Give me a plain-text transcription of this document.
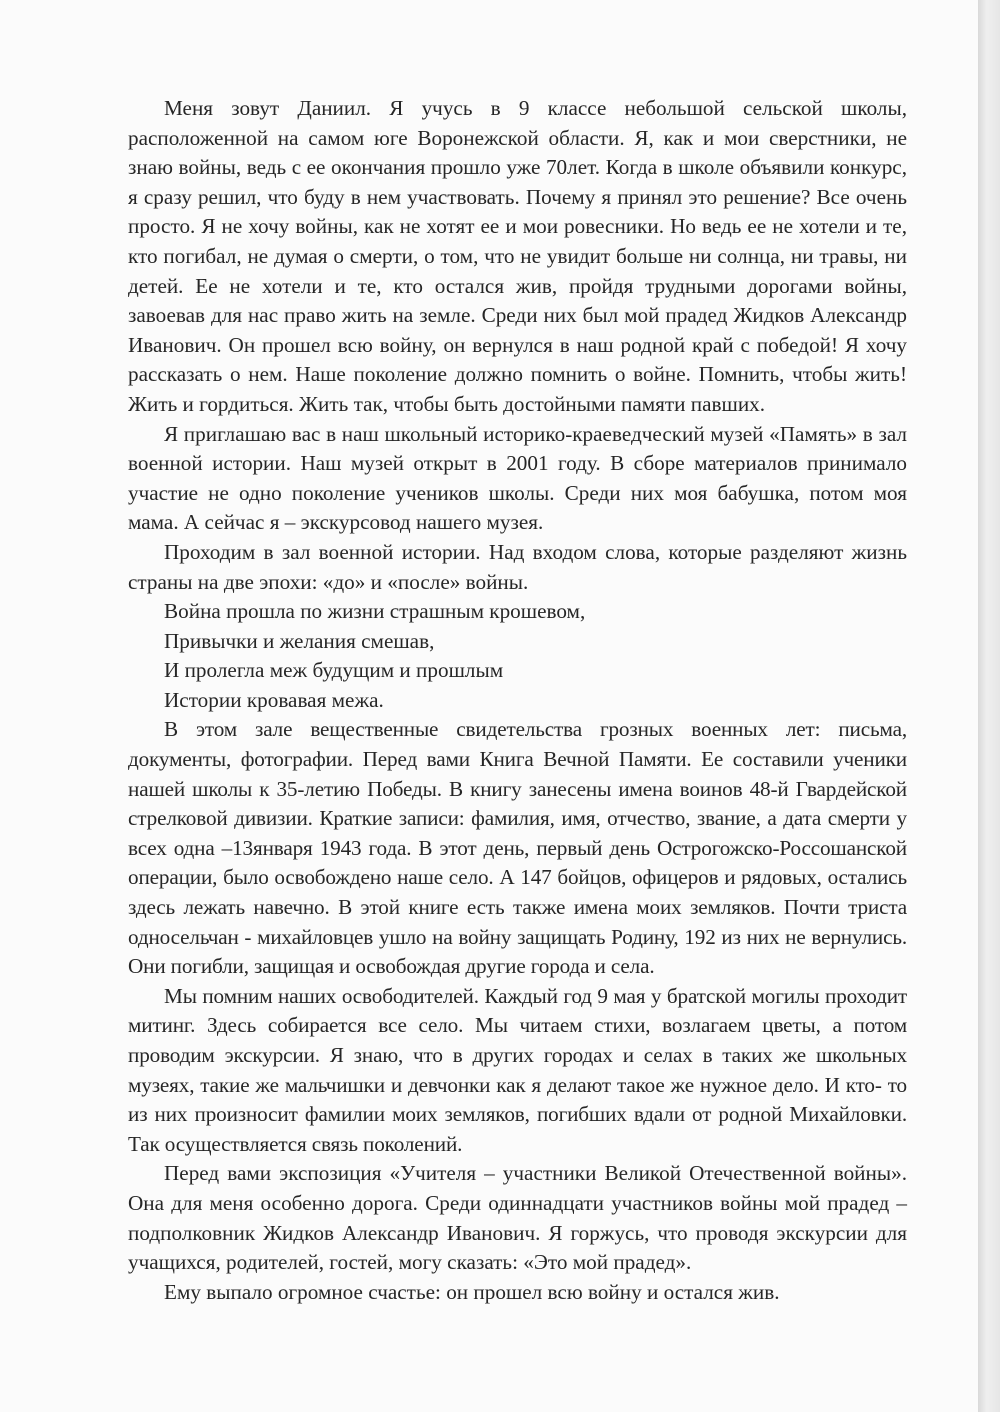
Меня зовут Даниил. Я учусь в 9 классе небольшой сельской школы, расположенной на самом юге Воронежской области. Я, как и мои сверстники, не знаю войны, ведь с ее окончания прошло уже 70лет. Когда в школе объявили конкурс, я сразу решил, что буду в нем участвовать. Почему я принял это решение? Все очень просто. Я не хочу войны, как не хотят ее и мои ровесники. Но ведь ее не хотели и те, кто погибал, не думая о смерти, о том, что не увидит больше ни солнца, ни травы, ни детей. Ее не хотели и те, кто остался жив, пройдя трудными дорогами войны, завоевав для нас право жить на земле. Среди них был мой прадед Жидков Александр Иванович. Он прошел всю войну, он вернулся в наш родной край с победой! Я хочу рассказать о нем. Наше поколение должно помнить о войне. Помнить, чтобы жить! Жить и гордиться. Жить так, чтобы быть достойными памяти павших.

Я приглашаю вас в наш школьный историко-краеведческий музей «Память» в зал военной истории. Наш музей открыт в 2001 году. В сборе материалов принимало участие не одно поколение учеников школы. Среди них моя бабушка, потом моя мама. А сейчас я – экскурсовод нашего музея.

Проходим в зал военной истории. Над входом слова, которые разделяют жизнь страны на две эпохи: «до» и «после» войны.

Война прошла по жизни страшным крошевом,
Привычки и желания смешав,
И пролегла меж будущим и прошлым
Истории кровавая межа.

В этом зале вещественные свидетельства грозных военных лет: письма, документы, фотографии. Перед вами Книга Вечной Памяти. Ее составили ученики нашей школы к 35-летию Победы. В книгу занесены имена воинов 48-й Гвардейской стрелковой дивизии. Краткие записи: фамилия, имя, отчество, звание, а дата смерти у всех одна –13января 1943 года. В этот день, первый день Острогожско-Россошанской операции, было освобождено наше село. А 147 бойцов, офицеров и рядовых, остались здесь лежать навечно. В этой книге есть также имена моих земляков. Почти триста односельчан - михайловцев ушло на войну защищать Родину, 192 из них не вернулись. Они погибли, защищая и освобождая другие города и села.

Мы помним наших освободителей. Каждый год 9 мая у братской могилы проходит митинг. Здесь собирается все село. Мы читаем стихи, возлагаем цветы, а потом проводим экскурсии. Я знаю, что в других городах и селах в таких же школьных музеях, такие же мальчишки и девчонки как я делают такое же нужное дело. И кто- то из них произносит фамилии моих земляков, погибших вдали от родной Михайловки. Так осуществляется связь поколений.

Перед вами экспозиция «Учителя – участники Великой Отечественной войны». Она для меня особенно дорога. Среди одиннадцати участников войны мой прадед – подполковник Жидков Александр Иванович. Я горжусь, что проводя экскурсии для учащихся, родителей, гостей, могу сказать: «Это мой прадед».

Ему выпало огромное счастье: он прошел всю войну и остался жив.
